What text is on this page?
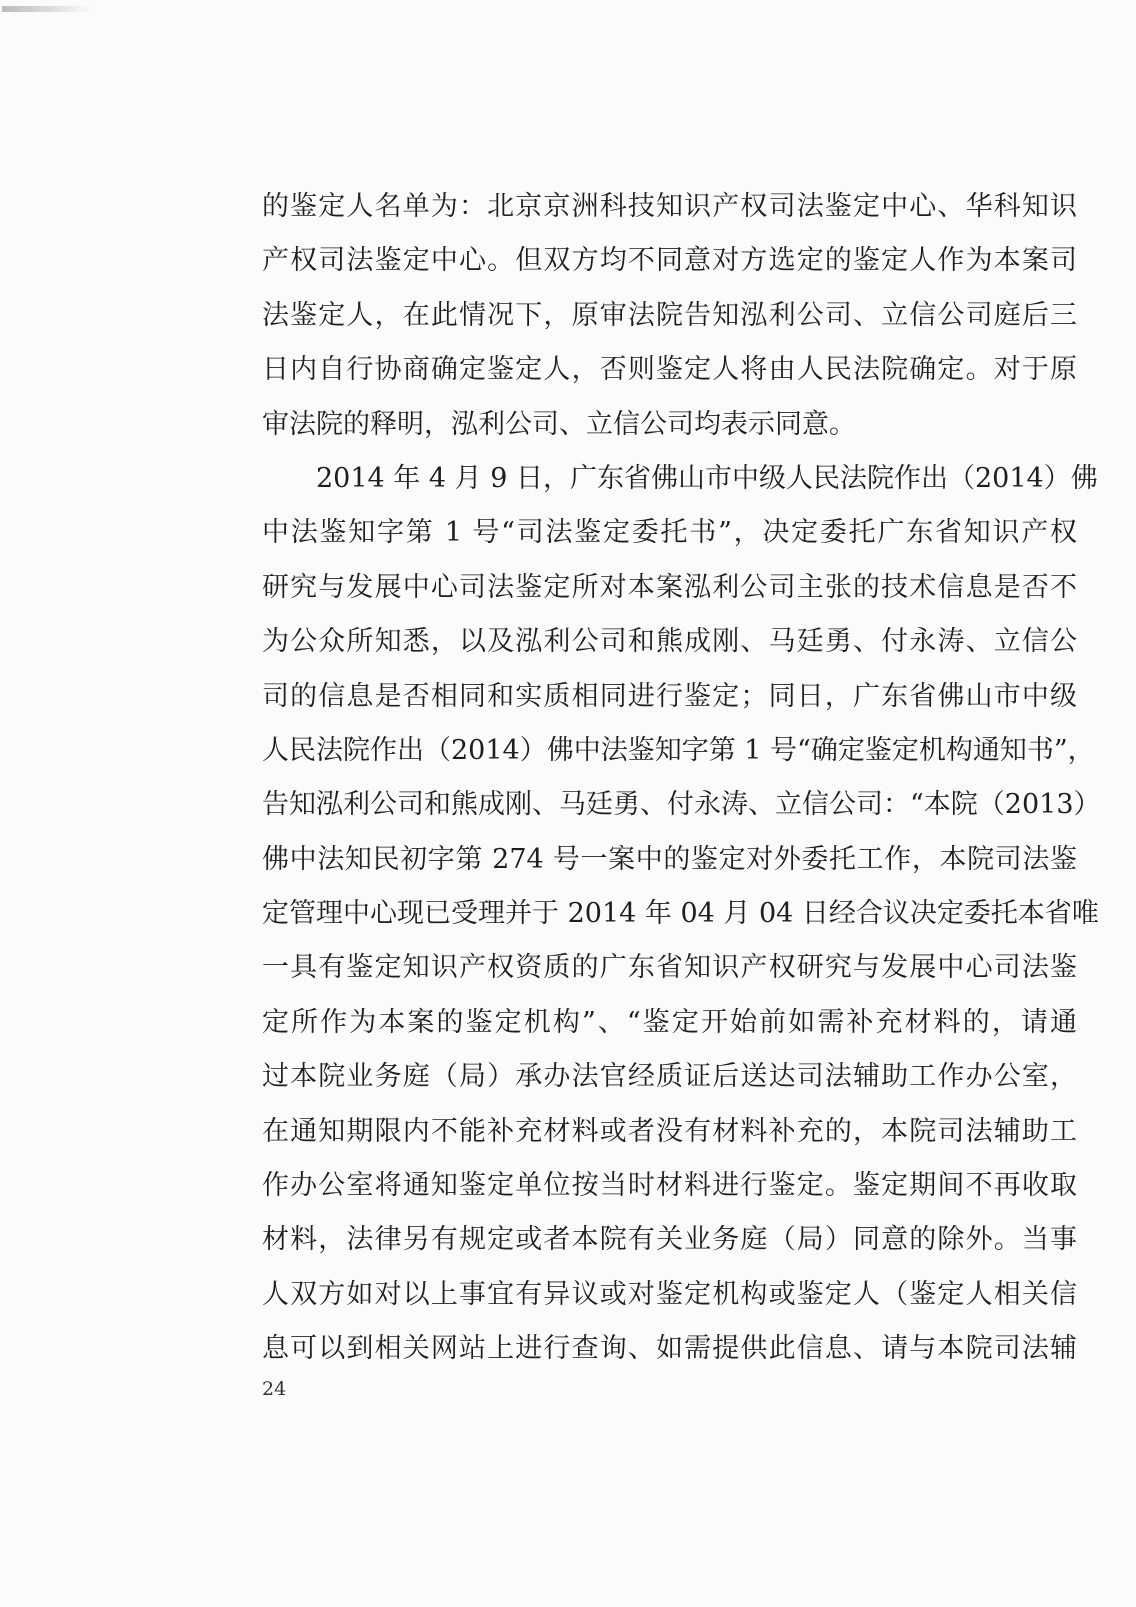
的鉴定人名单为：北京京洲科技知识产权司法鉴定中心、华科知识
产权司法鉴定中心。但双方均不同意对方选定的鉴定人作为本案司
法鉴定人，在此情况下，原审法院告知泓利公司、立信公司庭后三
日内自行协商确定鉴定人，否则鉴定人将由人民法院确定。对于原
审法院的释明，泓利公司、立信公司均表示同意。
2014 年 4 月 9 日，广东省佛山市中级人民法院作出（2014）佛
中法鉴知字第 1 号“司法鉴定委托书”，决定委托广东省知识产权
研究与发展中心司法鉴定所对本案泓利公司主张的技术信息是否不
为公众所知悉，以及泓利公司和熊成刚、马廷勇、付永涛、立信公
司的信息是否相同和实质相同进行鉴定；同日，广东省佛山市中级
人民法院作出（2014）佛中法鉴知字第 1 号“确定鉴定机构通知书”，
告知泓利公司和熊成刚、马廷勇、付永涛、立信公司：“本院（2013）
佛中法知民初字第 274 号一案中的鉴定对外委托工作，本院司法鉴
定管理中心现已受理并于 2014 年 04 月 04 日经合议决定委托本省唯
一具有鉴定知识产权资质的广东省知识产权研究与发展中心司法鉴
定所作为本案的鉴定机构”、“鉴定开始前如需补充材料的，请通
过本院业务庭（局）承办法官经质证后送达司法辅助工作办公室，
在通知期限内不能补充材料或者没有材料补充的，本院司法辅助工
作办公室将通知鉴定单位按当时材料进行鉴定。鉴定期间不再收取
材料，法律另有规定或者本院有关业务庭（局）同意的除外。当事
人双方如对以上事宜有异议或对鉴定机构或鉴定人（鉴定人相关信
息可以到相关网站上进行查询、如需提供此信息、请与本院司法辅
24
